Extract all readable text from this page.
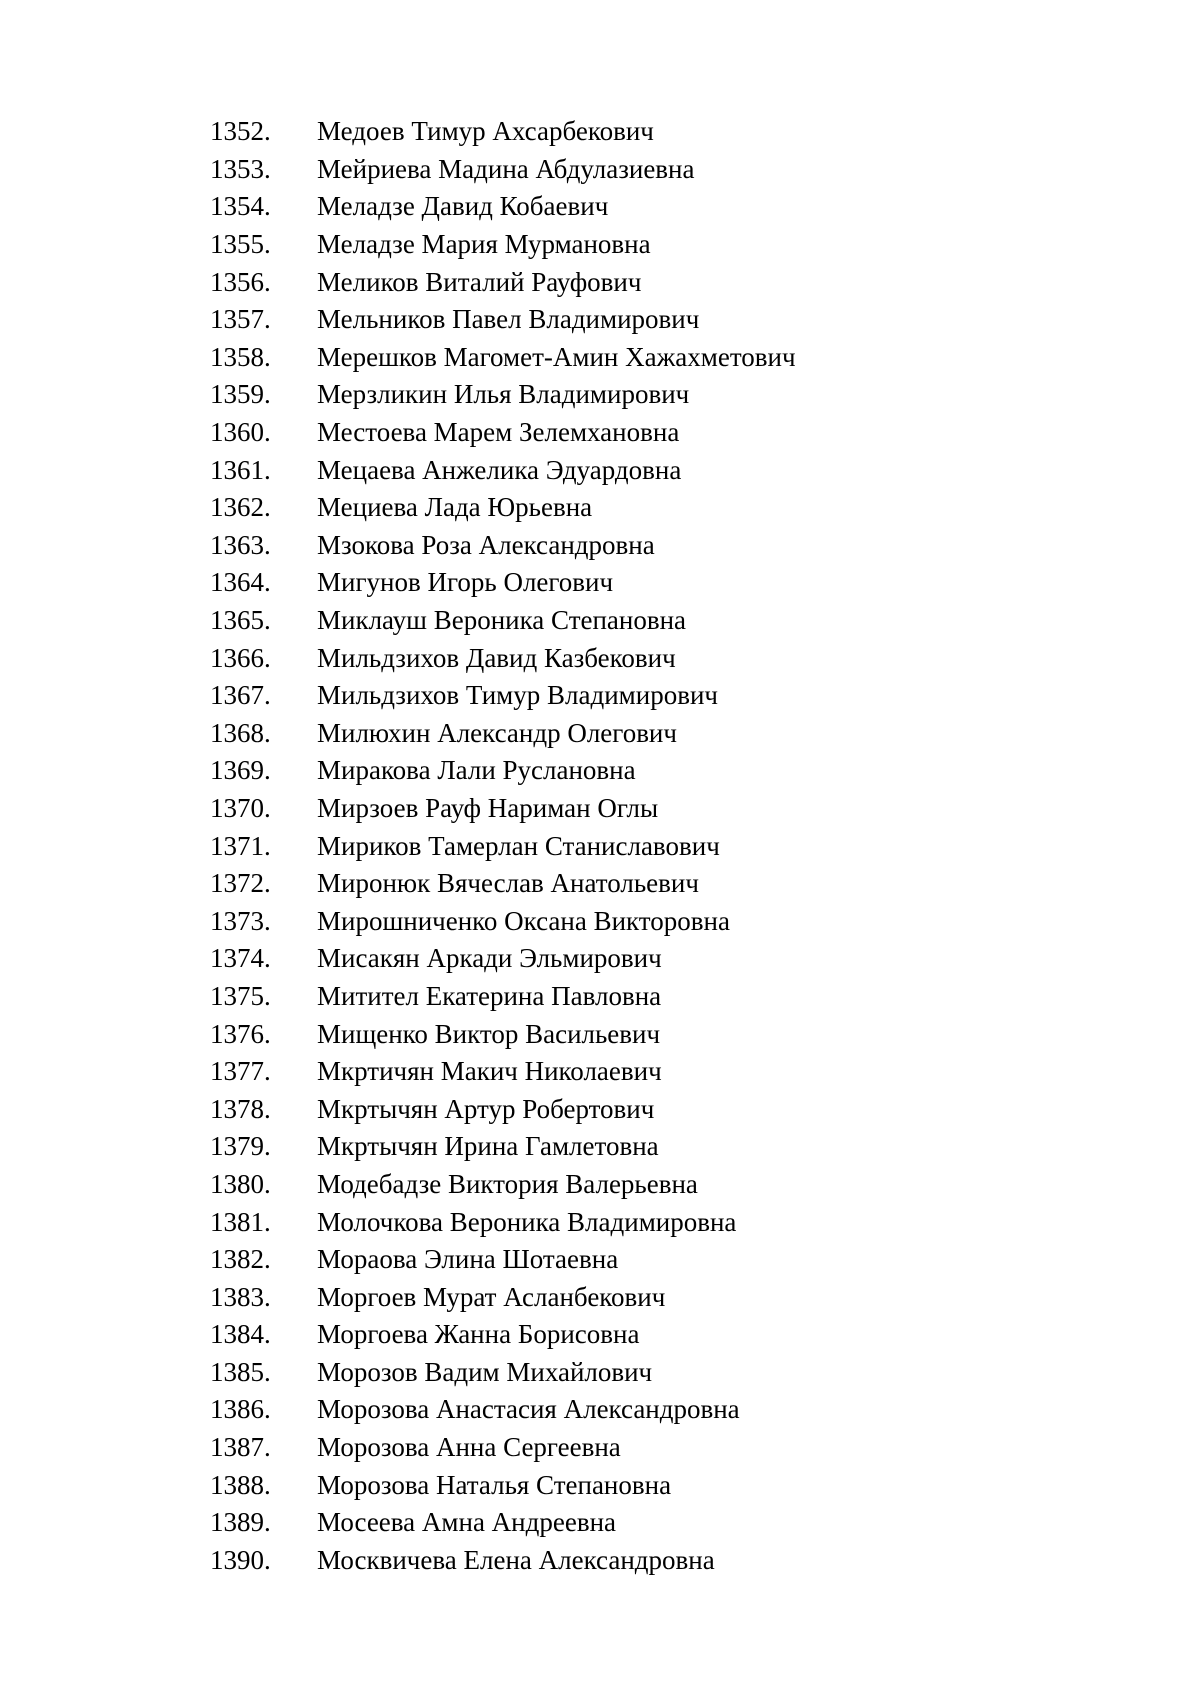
1352.	Медоев Тимур Ахсарбекович
1353.	Мейриева Мадина Абдулазиевна
1354.	Меладзе Давид Кобаевич
1355.	Меладзе Мария Мурмановна
1356.	Меликов Виталий Рауфович
1357.	Мельников Павел Владимирович
1358.	Мерешков Магомет-Амин Хажахметович
1359.	Мерзликин Илья Владимирович
1360.	Местоева Марем Зелемхановна
1361.	Мецаева Анжелика Эдуардовна
1362.	Мециева Лада Юрьевна
1363.	Мзокова Роза Александровна
1364.	Мигунов Игорь Олегович
1365.	Миклауш Вероника Степановна
1366.	Мильдзихов Давид Казбекович
1367.	Мильдзихов Тимур Владимирович
1368.	Милюхин Александр Олегович
1369.	Миракова Лали Руслановна
1370.	Мирзоев Рауф Нариман Оглы
1371.	Мириков Тамерлан Станиславович
1372.	Миронюк Вячеслав Анатольевич
1373.	Мирошниченко Оксана Викторовна
1374.	Мисакян Аркади Эльмирович
1375.	Митител Екатерина Павловна
1376.	Мищенко Виктор Васильевич
1377.	Мкртичян Макич Николаевич
1378.	Мкртычян Артур Робертович
1379.	Мкртычян Ирина Гамлетовна
1380.	Модебадзе Виктория Валерьевна
1381.	Молочкова Вероника Владимировна
1382.	Мораова Элина Шотаевна
1383.	Моргоев Мурат Асланбекович
1384.	Моргоева Жанна Борисовна
1385.	Морозов Вадим Михайлович
1386.	Морозова Анастасия Александровна
1387.	Морозова Анна Сергеевна
1388.	Морозова Наталья Степановна
1389.	Мосеева Амна Андреевна
1390.	Москвичева Елена Александровна
